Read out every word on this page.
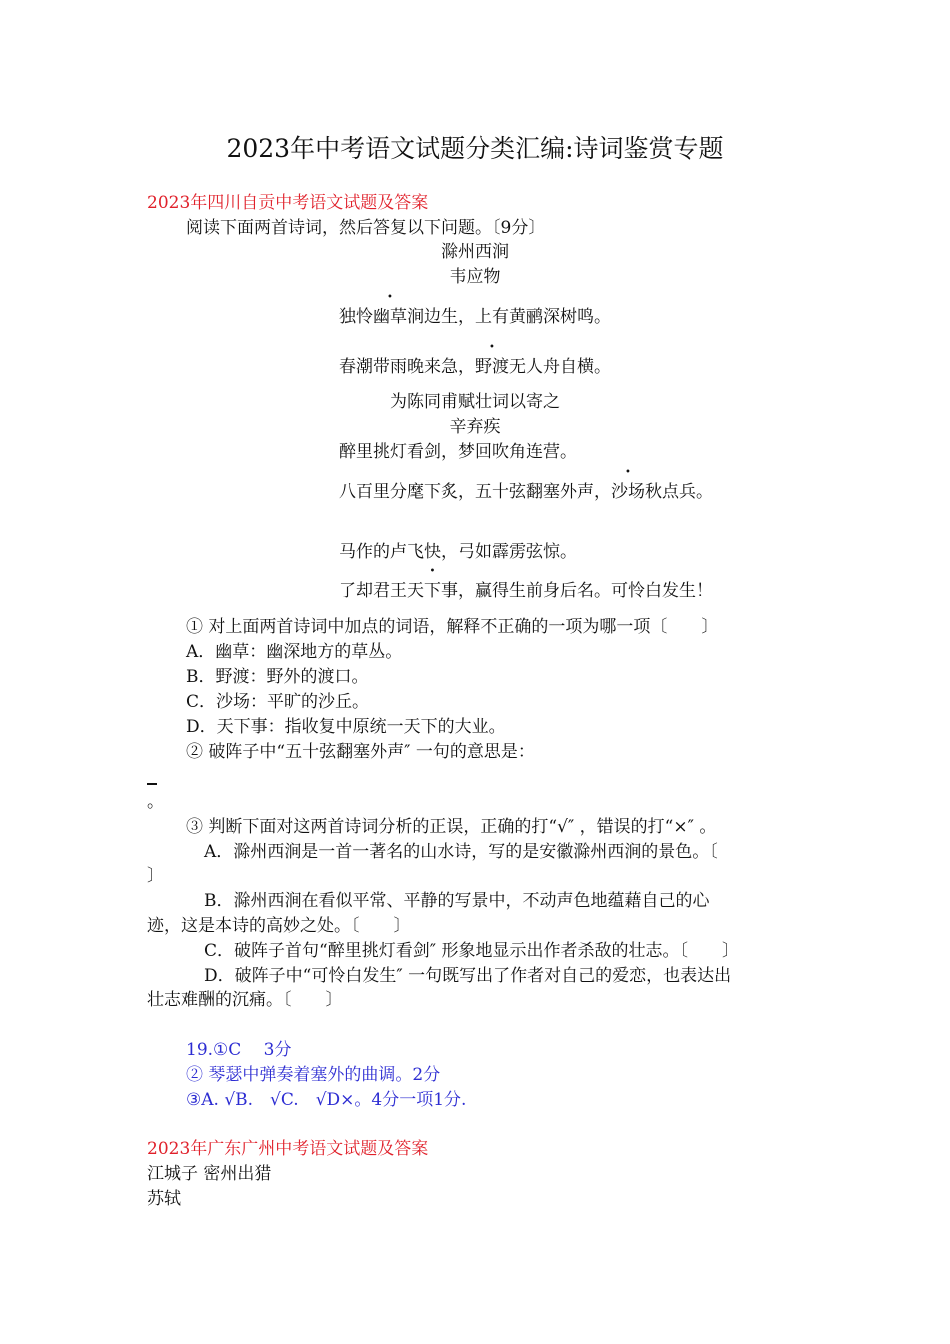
2023年中考语文试题分类汇编:诗词鉴赏专题
2023年四川自贡中考语文试题及答案
阅读下面两首诗词，然后答复以下问题。〔9分〕
滁州西涧
韦应物
独怜幽草涧边生，上有黄鹂深树鸣。
春潮带雨晚来急，野渡无人舟自横。
为陈同甫赋壮词以寄之
辛弃疾
醉里挑灯看剑，梦回吹角连营。
八百里分麾下炙，五十弦翻塞外声，沙场秋点兵。
马作的卢飞快，弓如霹雳弦惊。
了却君王天下事，赢得生前身后名。可怜白发生！
① 对上面两首诗词中加点的词语，解释不正确的一项为哪一项〔　　〕
A．幽草：幽深地方的草丛。
B．野渡：野外的渡口。
C．沙场：平旷的沙丘。
D．天下事：指收复中原统一天下的大业。
② 破阵子中“五十弦翻塞外声″ 一句的意思是：
。
③ 判断下面对这两首诗词分析的正误，正确的打“√″ ，错误的打“×″ 。
A．滁州西涧是一首一著名的山水诗，写的是安徽滁州西涧的景色。〔
〕
B．滁州西涧在看似平常、平静的写景中，不动声色地蕴藉自己的心
迹，这是本诗的高妙之处。〔　　〕
C．破阵子首句“醉里挑灯看剑″ 形象地显示出作者杀敌的壮志。〔　　〕
D．破阵子中“可怜白发生″ 一句既写出了作者对自己的爱恋，也表达出
壮志难酬的沉痛。〔　　〕
19.①C　 3分
② 琴瑟中弹奏着塞外的曲调。2分
③A. √B.　√C.　√D×。4分一项1分.
2023年广东广州中考语文试题及答案
江城子 密州出猎
苏轼
